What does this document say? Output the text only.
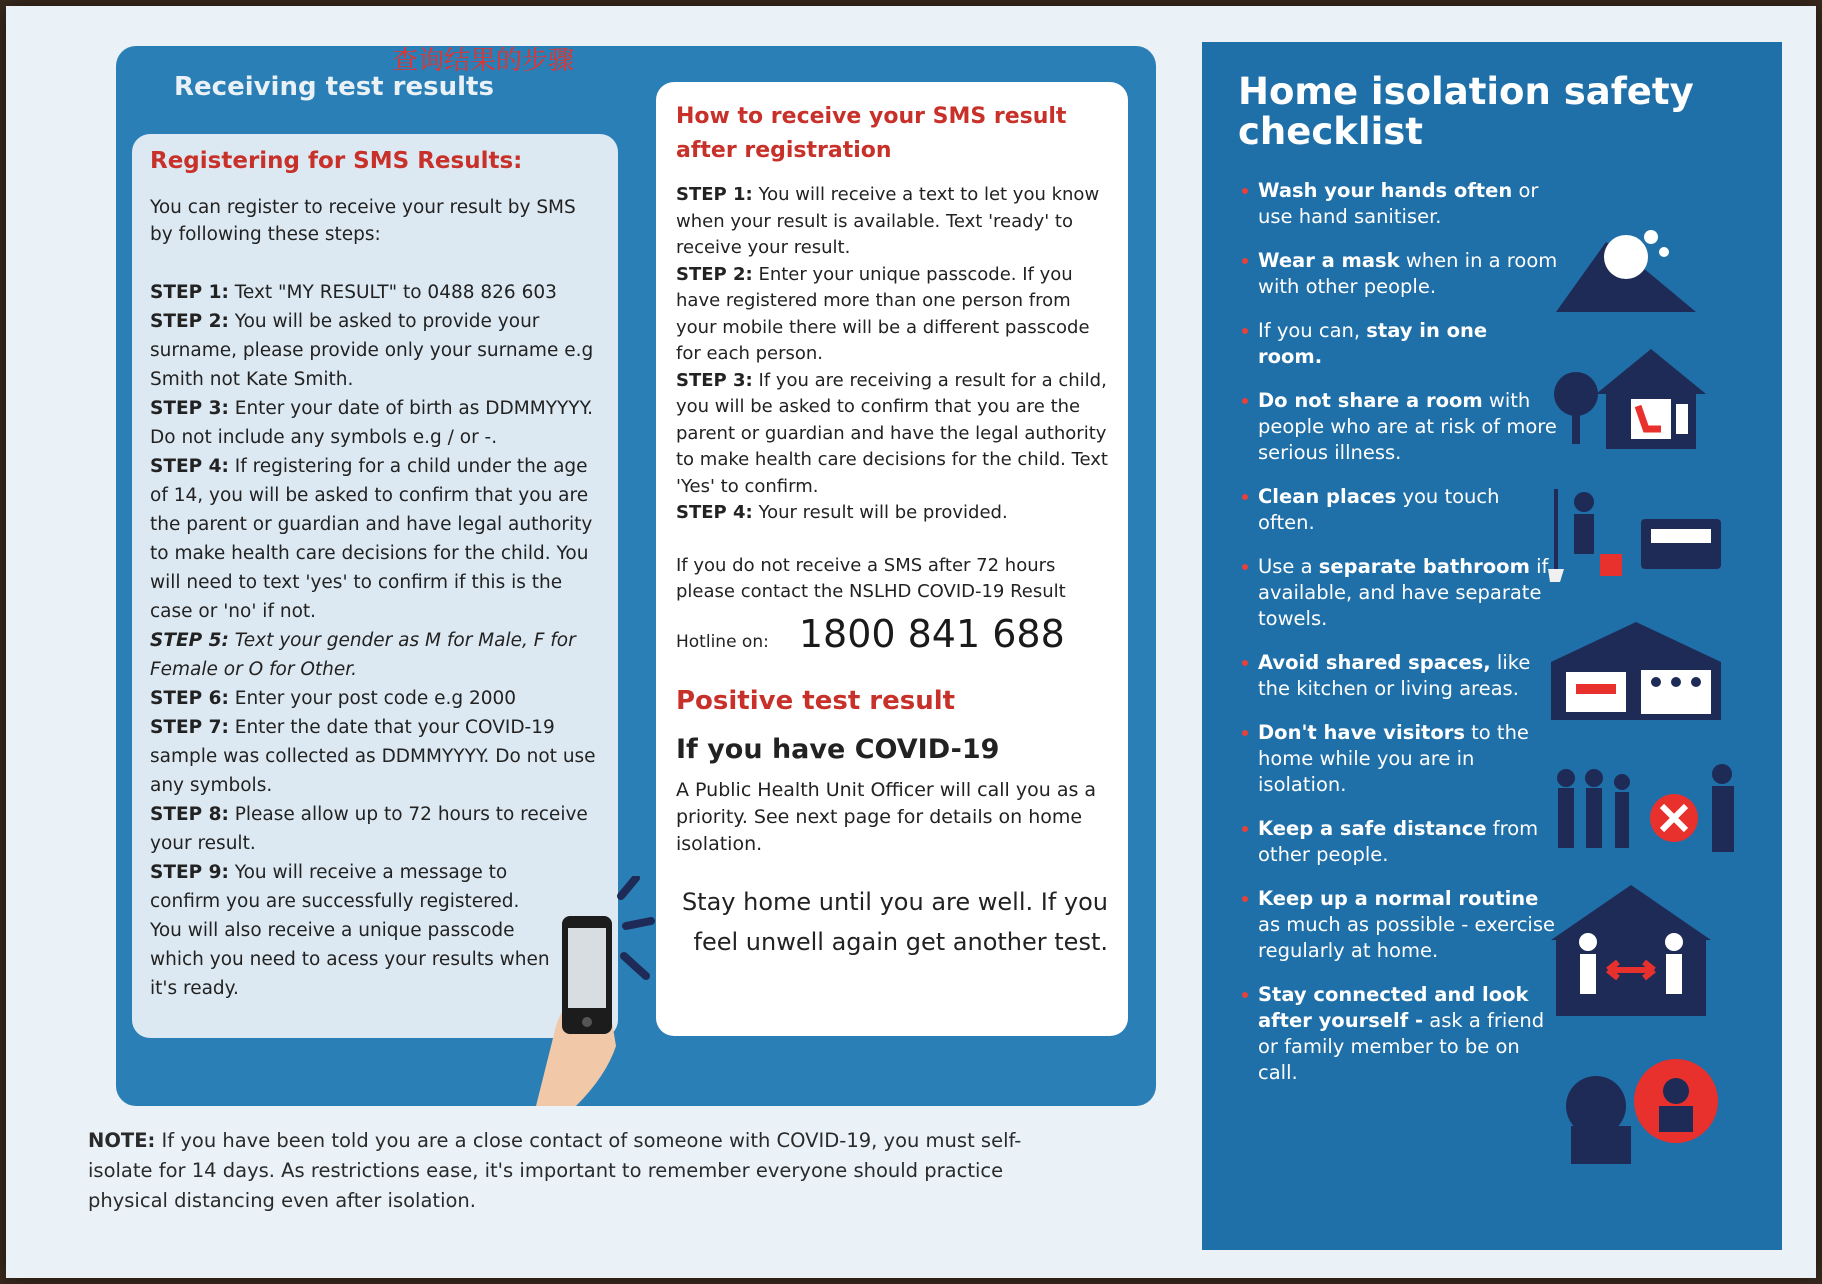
查询结果的步骤
Receiving test results
Registering for SMS Results:

You can register to receive your result by SMS by following these steps:

STEP 1: Text "MY RESULT" to 0488 826 603

STEP 2: You will be asked to provide your surname, please provide only your surname e.g Smith not Kate Smith.

STEP 3: Enter your date of birth as DDMMYYYY. Do not include any symbols e.g / or -.

STEP 4: If registering for a child under the age of 14, you will be asked to confirm that you are the parent or guardian and have legal authority to make health care decisions for the child. You will need to text 'yes' to confirm if this is the case or 'no' if not.

STEP 5: Text your gender as M for Male, F for Female or O for Other.

STEP 6: Enter your post code e.g 2000

STEP 7: Enter the date that your COVID-19 sample was collected as DDMMYYYY. Do not use any symbols.

STEP 8: Please allow up to 72 hours to receive your result.

STEP 9: You will receive a message to confirm you are successfully registered. You will also receive a unique passcode which you need to acess your results when it's ready.

How to receive your SMS result after registration
STEP 1: You will receive a text to let you know when your result is available. Text 'ready' to receive your result.
STEP 2: Enter your unique passcode. If you have registered more than one person from your mobile there will be a different passcode for each person.
STEP 3: If you are receiving a result for a child, you will be asked to confirm that you are the parent or guardian and have the legal authority to make health care decisions for the child. Text 'Yes' to confirm.
STEP 4: Your result will be provided.
If you do not receive a SMS after 72 hours please contact the NSLHD COVID-19 Result
Hotline on: 1800 841 688
Positive test result
If you have COVID-19
A Public Health Unit Officer will call you as a priority. See next page for details on home isolation.
Stay home until you are well. If you feel unwell again get another test.
NOTE: If you have been told you are a close contact of someone with COVID-19, you must self-isolate for 14 days. As restrictions ease, it's important to remember everyone should practice physical distancing even after isolation.
Home isolation safety checklist
Wash your hands often or use hand sanitiser.
Wear a mask when in a room with other people.
If you can, stay in one room.
Do not share a room with people who are at risk of more serious illness.
Clean places you touch often.
Use a separate bathroom if available, and have separate towels.
Avoid shared spaces, like the kitchen or living areas.
Don't have visitors to the home while you are in isolation.
Keep a safe distance from other people.
Keep up a normal routine as much as possible - exercise regularly at home.
Stay connected and look after yourself - ask a friend or family member to be on call.
